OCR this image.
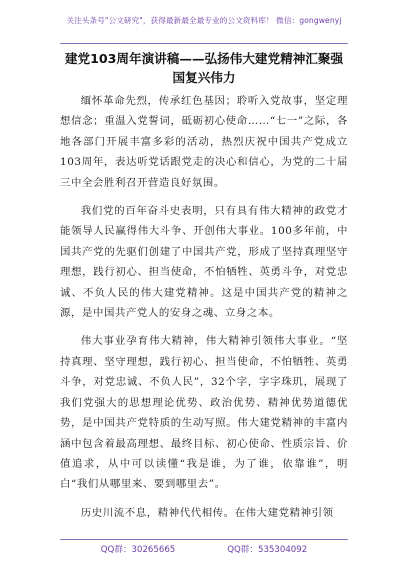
关注头条号"公文研究"，获得最新最全最专业的公文资料库！ 微信：gongwenyj
建党103周年演讲稿——弘扬伟大建党精神汇聚强国复兴伟力

缅怀革命先烈，传承红色基因；聆听入党故事，坚定理想信念；重温入党誓词，砥砺初心使命……“七一”之际，各地各部门开展丰富多彩的活动，热烈庆祝中国共产党成立103周年，表达听党话跟党走的决心和信心，为党的二十届三中全会胜利召开营造良好氛围。

我们党的百年奋斗史表明，只有具有伟大精神的政党才能领导人民赢得伟大斗争、开创伟大事业。100多年前，中国共产党的先驱们创建了中国共产党，形成了坚持真理坚守理想，践行初心、担当使命，不怕牺牲、英勇斗争，对党忠诚、不负人民的伟大建党精神。这是中国共产党的精神之源，是中国共产党人的安身之魂、立身之本。

伟大事业孕育伟大精神，伟大精神引领伟大事业。“坚持真理、坚守理想，践行初心、担当使命，不怕牺牲、英勇斗争，对党忠诚、不负人民”，32个字，字字珠玑，展现了我们党强大的思想理论优势、政治优势、精神优势道德优势，是中国共产党特质的生动写照。伟大建党精神的丰富内涵中包含着最高理想、最终目标、初心使命、性质宗旨、价值追求，从中可以读懂“我是谁，为了谁，依靠谁”，明白“我们从哪里来、要到哪里去”。

历史川流不息，精神代代相传。在伟大建党精神引领

QQ群：30265665	QQ群：535304092
